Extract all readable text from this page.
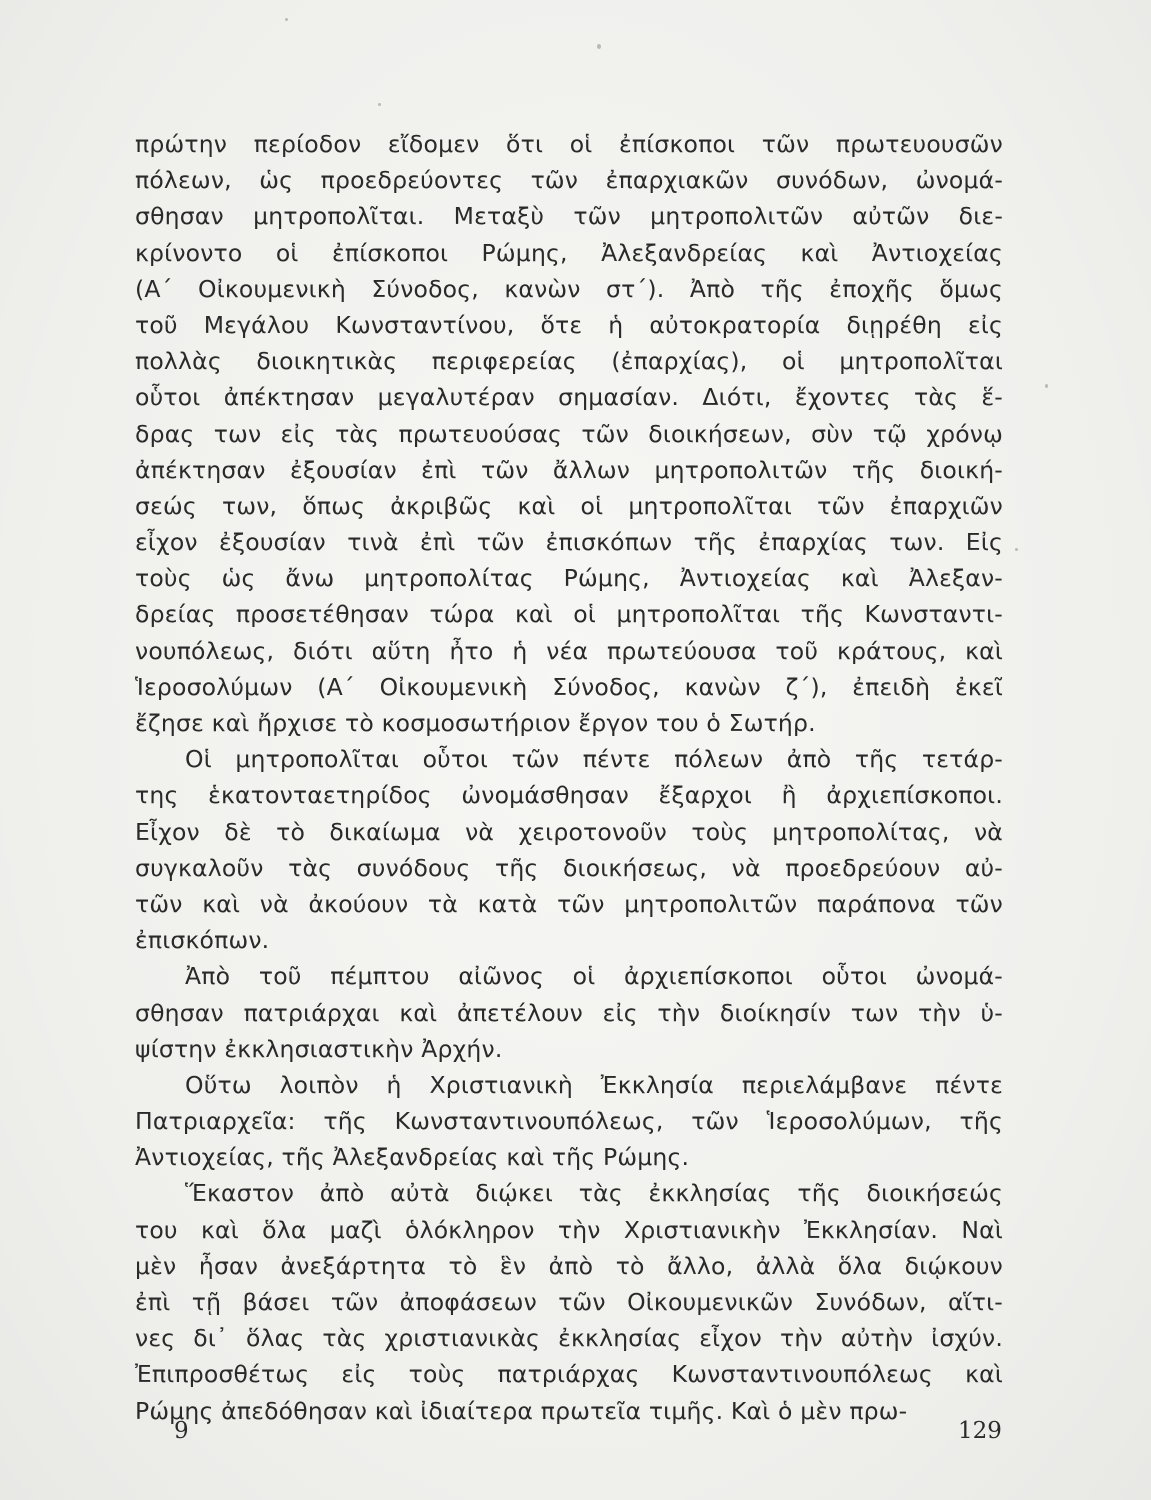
πρώτην περίοδον εἴδομεν ὅτι οἱ ἐπίσκοποι τῶν πρωτευουσῶν
πόλεων, ὡς προεδρεύοντες τῶν ἐπαρχιακῶν συνόδων, ὠνομά-
σθησαν μητροπολῖται. Μεταξὺ τῶν μητροπολιτῶν αὐτῶν διε-
κρίνοντο οἱ ἐπίσκοποι Ρώμης, Ἀλεξανδρείας καὶ Ἀντιοχείας
(Α΄ Οἰκουμενικὴ Σύνοδος, κανὼν στ΄). Ἀπὸ τῆς ἐποχῆς ὅμως
τοῦ Μεγάλου Κωνσταντίνου, ὅτε ἡ αὐτοκρατορία διῃρέθη εἰς
πολλὰς διοικητικὰς περιφερείας (ἐπαρχίας), οἱ μητροπολῖται
οὗτοι ἀπέκτησαν μεγαλυτέραν σημασίαν. Διότι, ἔχοντες τὰς ἕ-
δρας των εἰς τὰς πρωτευούσας τῶν διοικήσεων, σὺν τῷ χρόνῳ
ἀπέκτησαν ἐξουσίαν ἐπὶ τῶν ἄλλων μητροπολιτῶν τῆς διοική-
σεώς των, ὅπως ἀκριβῶς καὶ οἱ μητροπολῖται τῶν ἐπαρχιῶν
εἶχον ἐξουσίαν τινὰ ἐπὶ τῶν ἐπισκόπων τῆς ἐπαρχίας των. Εἰς
τοὺς ὡς ἄνω μητροπολίτας Ρώμης, Ἀντιοχείας καὶ Ἀλεξαν-
δρείας προσετέθησαν τώρα καὶ οἱ μητροπολῖται τῆς Κωνσταντι-
νουπόλεως, διότι αὕτη ἦτο ἡ νέα πρωτεύουσα τοῦ κράτους, καὶ
Ἱεροσολύμων (Α΄ Οἰκουμενικὴ Σύνοδος, κανὼν ζ΄), ἐπειδὴ ἐκεῖ
ἔζησε καὶ ἤρχισε τὸ κοσμοσωτήριον ἔργον του ὁ Σωτήρ.
Οἱ μητροπολῖται οὗτοι τῶν πέντε πόλεων ἀπὸ τῆς τετάρ-
της ἑκατονταετηρίδος ὠνομάσθησαν ἔξαρχοι ἢ ἀρχιεπίσκοποι.
Εἶχον δὲ τὸ δικαίωμα νὰ χειροτονοῦν τοὺς μητροπολίτας, νὰ
συγκαλοῦν τὰς συνόδους τῆς διοικήσεως, νὰ προεδρεύουν αὐ-
τῶν καὶ νὰ ἀκούουν τὰ κατὰ τῶν μητροπολιτῶν παράπονα τῶν
ἐπισκόπων.
Ἀπὸ τοῦ πέμπτου αἰῶνος οἱ ἀρχιεπίσκοποι οὗτοι ὠνομά-
σθησαν πατριάρχαι καὶ ἀπετέλουν εἰς τὴν διοίκησίν των τὴν ὑ-
ψίστην ἐκκλησιαστικὴν Ἀρχήν.
Οὕτω λοιπὸν ἡ Χριστιανικὴ Ἐκκλησία περιελάμβανε πέντε
Πατριαρχεῖα: τῆς Κωνσταντινουπόλεως, τῶν Ἱεροσολύμων, τῆς
Ἀντιοχείας, τῆς Ἀλεξανδρείας καὶ τῆς Ρώμης.
Ἕκαστον ἀπὸ αὐτὰ διῴκει τὰς ἐκκλησίας τῆς διοικήσεώς
του καὶ ὅλα μαζὶ ὁλόκληρον τὴν Χριστιανικὴν Ἐκκλησίαν. Ναὶ
μὲν ἦσαν ἀνεξάρτητα τὸ ἓν ἀπὸ τὸ ἄλλο, ἀλλὰ ὅλα διῴκουν
ἐπὶ τῇ βάσει τῶν ἀποφάσεων τῶν Οἰκουμενικῶν Συνόδων, αἵτι-
νες δι᾽ ὅλας τὰς χριστιανικὰς ἐκκλησίας εἶχον τὴν αὐτὴν ἰσχύν.
Ἐπιπροσθέτως εἰς τοὺς πατριάρχας Κωνσταντινουπόλεως καὶ
Ρώμης ἀπεδόθησαν καὶ ἰδιαίτερα πρωτεῖα τιμῆς. Καὶ ὁ μὲν πρω-
9	129
